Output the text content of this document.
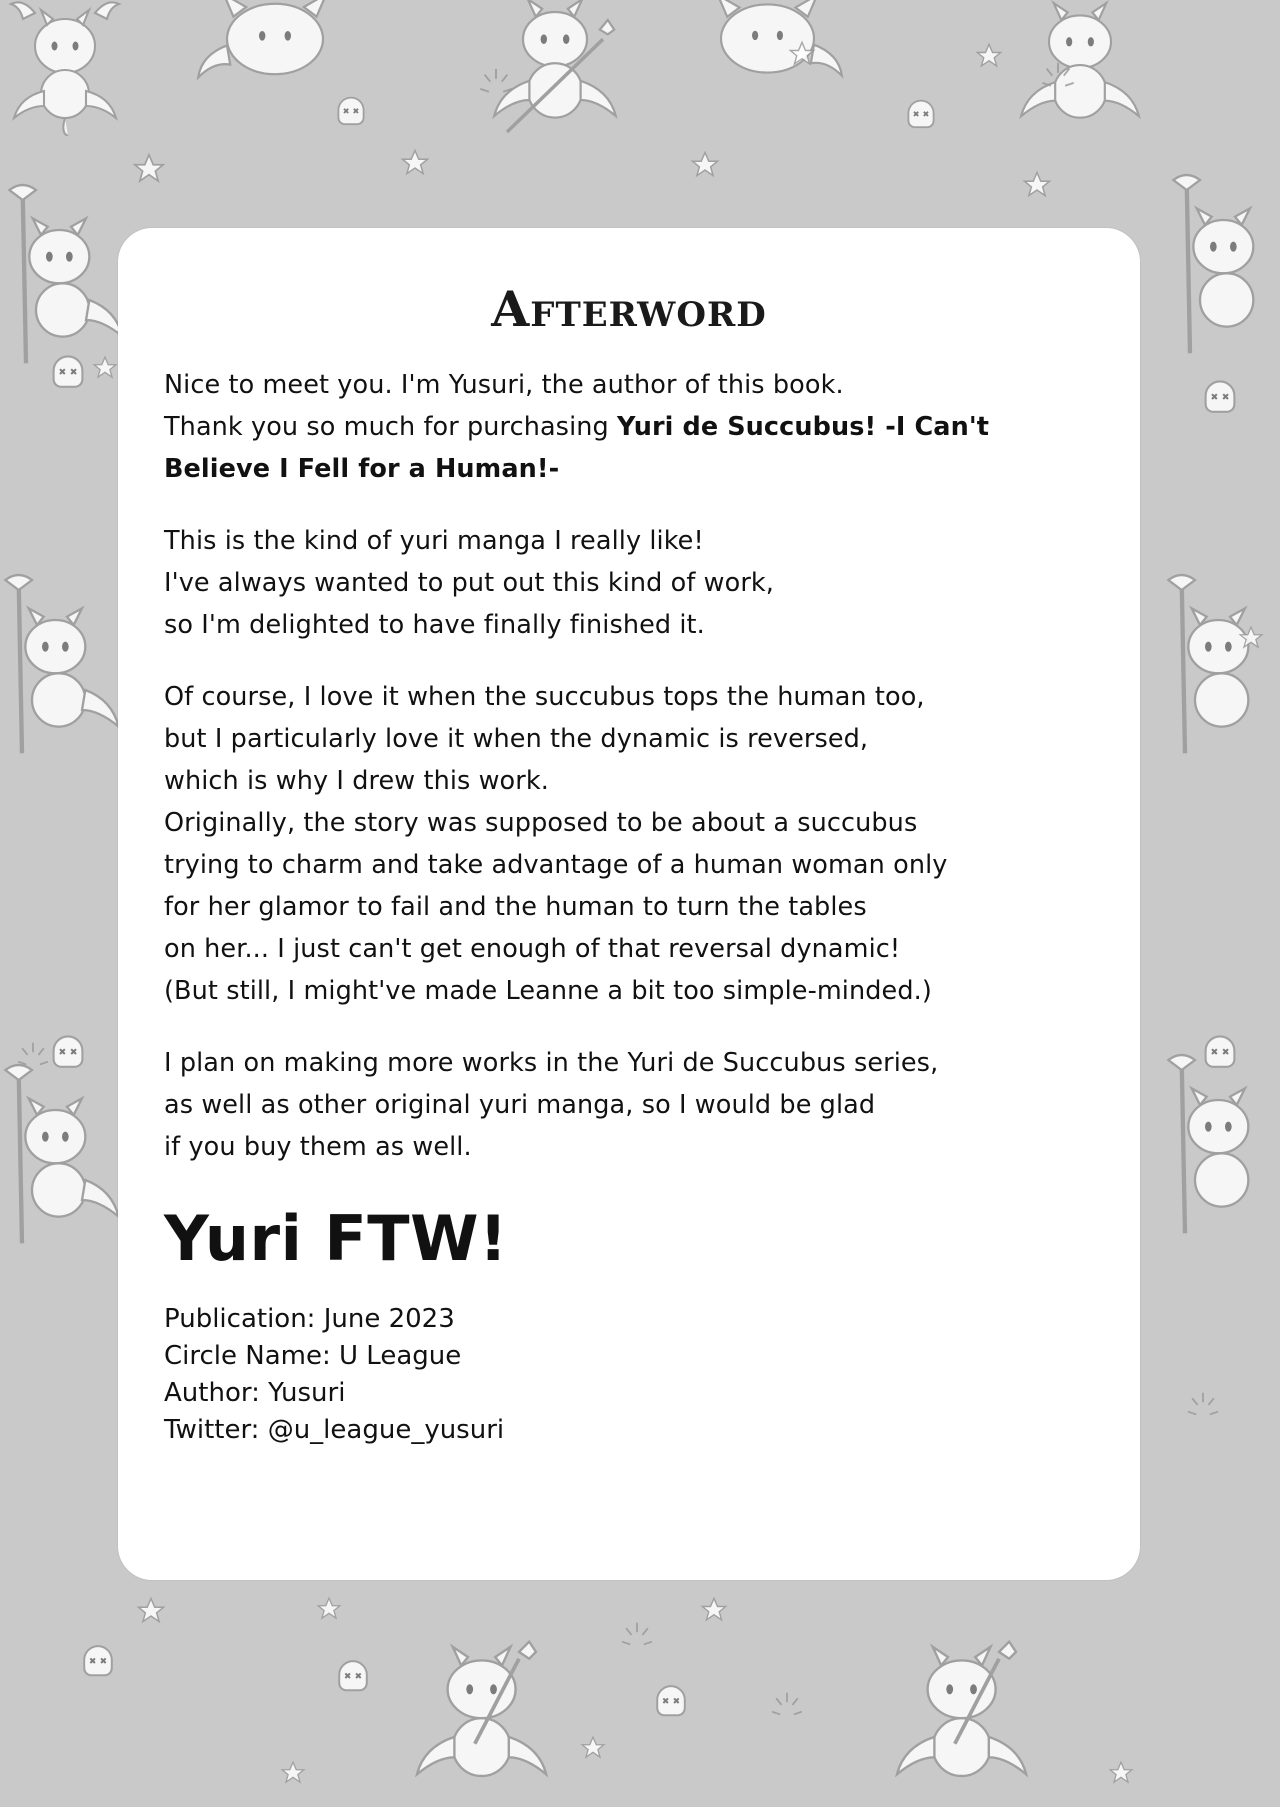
Afterword
Nice to meet you. I'm Yusuri, the author of this book.
Thank you so much for purchasing Yuri de Succubus! -I Can't
Believe I Fell for a Human!-
This is the kind of yuri manga I really like!
I've always wanted to put out this kind of work,
so I'm delighted to have finally finished it.
Of course, I love it when the succubus tops the human too,
but I particularly love it when the dynamic is reversed,
which is why I drew this work.
Originally, the story was supposed to be about a succubus
trying to charm and take advantage of a human woman only
for her glamor to fail and the human to turn the tables
on her... I just can't get enough of that reversal dynamic!
(But still, I might've made Leanne a bit too simple-minded.)
I plan on making more works in the Yuri de Succubus series,
as well as other original yuri manga, so I would be glad
if you buy them as well.
Yuri FTW!
Publication: June 2023
Circle Name: U League
Author: Yusuri
Twitter: @u_league_yusuri
